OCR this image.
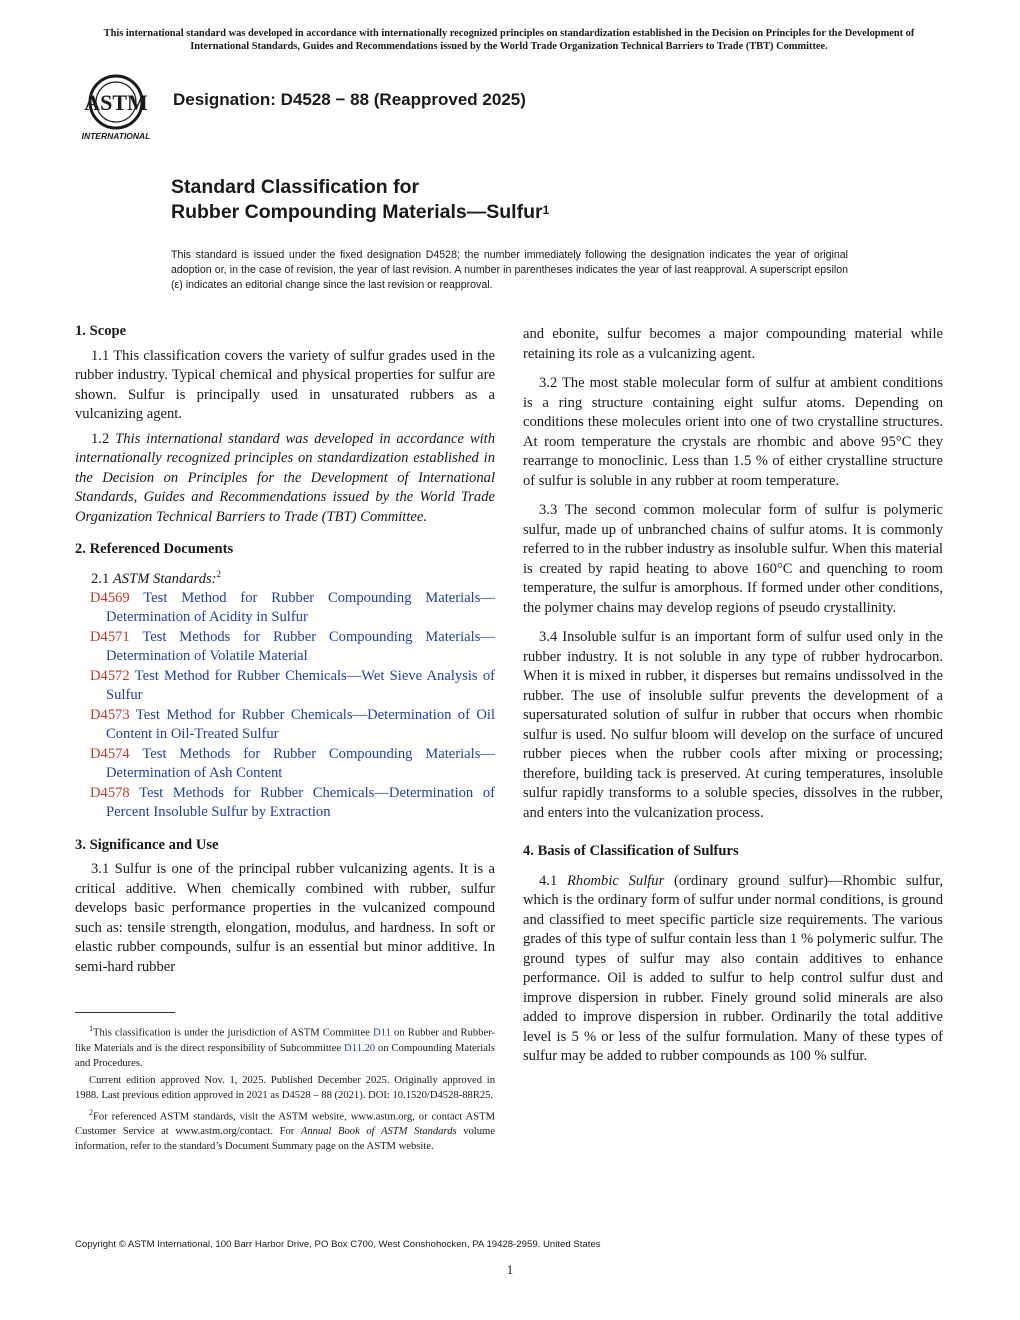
This international standard was developed in accordance with internationally recognized principles on standardization established in the Decision on Principles for the Development of International Standards, Guides and Recommendations issued by the World Trade Organization Technical Barriers to Trade (TBT) Committee.
ASTM
INTERNATIONAL
Designation: D4528 − 88 (Reapproved 2025)
Standard Classification for
Rubber Compounding Materials—Sulfur$^1$
This standard is issued under the fixed designation D4528; the number immediately following the designation indicates the year of original adoption or, in the case of revision, the year of last revision. A number in parentheses indicates the year of last reapproval. A superscript epsilon (ε) indicates an editorial change since the last revision or reapproval.

1. Scope

1.1 This classification covers the variety of sulfur grades used in the rubber industry. Typical chemical and physical properties for sulfur are shown. Sulfur is principally used in unsaturated rubbers as a vulcanizing agent.

1.2 This international standard was developed in accordance with internationally recognized principles on standardization established in the Decision on Principles for the Development of International Standards, Guides and Recommendations issued by the World Trade Organization Technical Barriers to Trade (TBT) Committee.

2. Referenced Documents

2.1 ASTM Standards:$^2$

D4569 Test Method for Rubber Compounding Materials—Determination of Acidity in Sulfur

D4571 Test Methods for Rubber Compounding Materials—Determination of Volatile Material

D4572 Test Method for Rubber Chemicals—Wet Sieve Analysis of Sulfur

D4573 Test Method for Rubber Chemicals—Determination of Oil Content in Oil-Treated Sulfur

D4574 Test Methods for Rubber Compounding Materials—Determination of Ash Content

D4578 Test Methods for Rubber Chemicals—Determination of Percent Insoluble Sulfur by Extraction

3. Significance and Use

3.1 Sulfur is one of the principal rubber vulcanizing agents. It is a critical additive. When chemically combined with rubber, sulfur develops basic performance properties in the vulcanized compound such as: tensile strength, elongation, modulus, and hardness. In soft or elastic rubber compounds, sulfur is an essential but minor additive. In semi-hard rubber

and ebonite, sulfur becomes a major compounding material while retaining its role as a vulcanizing agent.

3.2 The most stable molecular form of sulfur at ambient conditions is a ring structure containing eight sulfur atoms. Depending on conditions these molecules orient into one of two crystalline structures. At room temperature the crystals are rhombic and above 95°C they rearrange to monoclinic. Less than 1.5 % of either crystalline structure of sulfur is soluble in any rubber at room temperature.

3.3 The second common molecular form of sulfur is polymeric sulfur, made up of unbranched chains of sulfur atoms. It is commonly referred to in the rubber industry as insoluble sulfur. When this material is created by rapid heating to above 160°C and quenching to room temperature, the sulfur is amorphous. If formed under other conditions, the polymer chains may develop regions of pseudo crystallinity.

3.4 Insoluble sulfur is an important form of sulfur used only in the rubber industry. It is not soluble in any type of rubber hydrocarbon. When it is mixed in rubber, it disperses but remains undissolved in the rubber. The use of insoluble sulfur prevents the development of a supersaturated solution of sulfur in rubber that occurs when rhombic sulfur is used. No sulfur bloom will develop on the surface of uncured rubber pieces when the rubber cools after mixing or processing; therefore, building tack is preserved. At curing temperatures, insoluble sulfur rapidly transforms to a soluble species, dissolves in the rubber, and enters into the vulcanization process.

4. Basis of Classification of Sulfurs

4.1 Rhombic Sulfur (ordinary ground sulfur)—Rhombic sulfur, which is the ordinary form of sulfur under normal conditions, is ground and classified to meet specific particle size requirements. The various grades of this type of sulfur contain less than 1 % polymeric sulfur. The ground types of sulfur may also contain additives to enhance performance. Oil is added to sulfur to help control sulfur dust and improve dispersion in rubber. Finely ground solid minerals are also added to improve dispersion in rubber. Ordinarily the total additive level is 5 % or less of the sulfur formulation. Many of these types of sulfur may be added to rubber compounds as 100 % sulfur.

$^1$This classification is under the jurisdiction of ASTM Committee D11 on Rubber and Rubber-like Materials and is the direct responsibility of Subcommittee D11.20 on Compounding Materials and Procedures.

Current edition approved Nov. 1, 2025. Published December 2025. Originally approved in 1988. Last previous edition approved in 2021 as D4528 – 88 (2021). DOI: 10.1520/D4528-88R25.

$^2$For referenced ASTM standards, visit the ASTM website, www.astm.org, or contact ASTM Customer Service at www.astm.org/contact. For Annual Book of ASTM Standards volume information, refer to the standard’s Document Summary page on the ASTM website.

Copyright © ASTM International, 100 Barr Harbor Drive, PO Box C700, West Conshohocken, PA 19428-2959. United States
1
